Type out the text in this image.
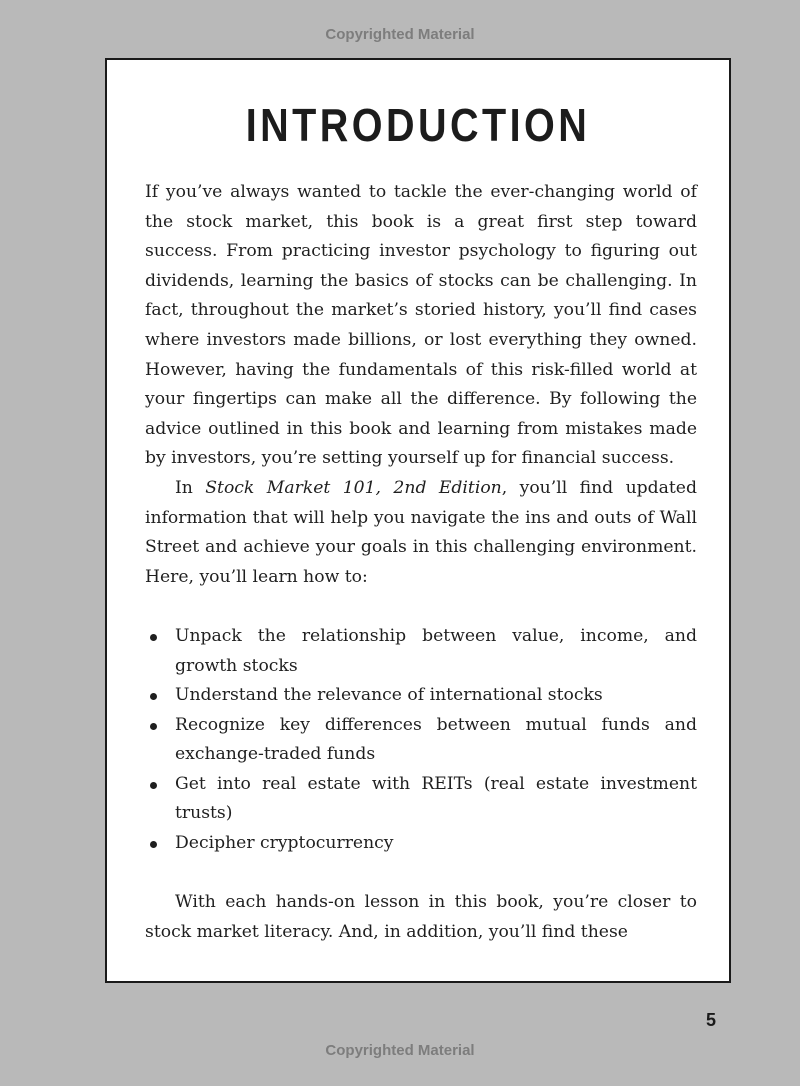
Copyrighted Material
INTRODUCTION

If you’ve always wanted to tackle the ever-changing world of the stock market, this book is a great first step toward success. From practicing investor psychology to figuring out dividends, learning the basics of stocks can be challenging. In fact, throughout the market’s storied history, you’ll find cases where investors made billions, or lost everything they owned. However, having the fundamentals of this risk-filled world at your fingertips can make all the difference. By following the advice outlined in this book and learning from mistakes made by investors, you’re setting yourself up for financial success.

In Stock Market 101, 2nd Edition, you’ll find updated information that will help you navigate the ins and outs of Wall Street and achieve your goals in this challenging environment. Here, you’ll learn how to:

Unpack the relationship between value, income, and growth stocks
Understand the relevance of international stocks
Recognize key differences between mutual funds and exchange-traded funds
Get into real estate with REITs (real estate investment trusts)
Decipher cryptocurrency

With each hands-on lesson in this book, you’re closer to stock market literacy. And, in addition, you’ll find these

5
Copyrighted Material
